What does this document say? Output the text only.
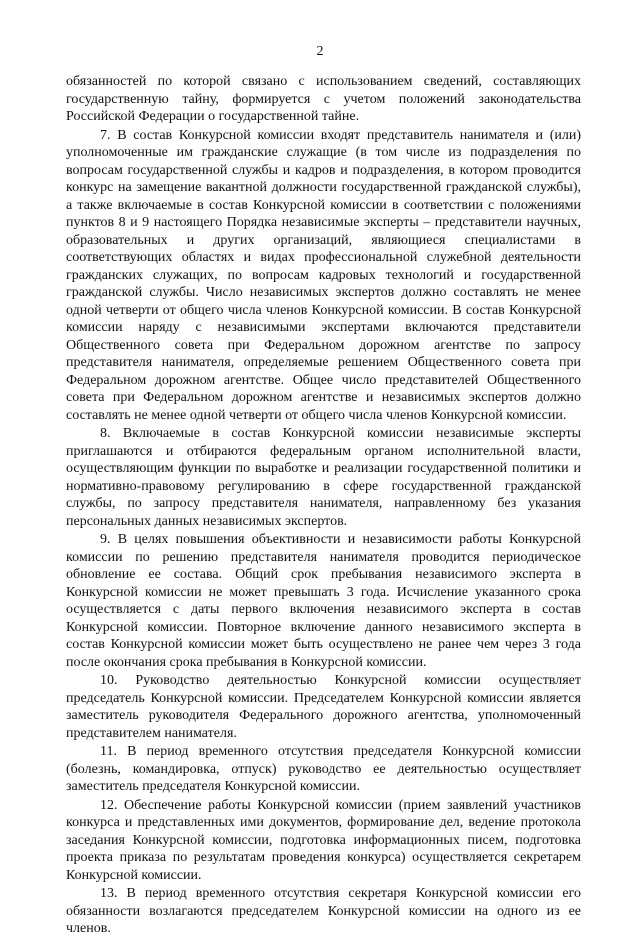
2

обязанностей по которой связано с использованием сведений, составляющих государственную тайну, формируется с учетом положений законодательства Российской Федерации о государственной тайне.

7. В состав Конкурсной комиссии входят представитель нанимателя и (или) уполномоченные им гражданские служащие (в том числе из подразделения по вопросам государственной службы и кадров и подразделения, в котором проводится конкурс на замещение вакантной должности государственной гражданской службы), а также включаемые в состав Конкурсной комиссии в соответствии с положениями пунктов 8 и 9 настоящего Порядка независимые эксперты – представители научных, образовательных и других организаций, являющиеся специалистами в соответствующих областях и видах профессиональной служебной деятельности гражданских служащих, по вопросам кадровых технологий и государственной гражданской службы. Число независимых экспертов должно составлять не менее одной четверти от общего числа членов Конкурсной комиссии. В состав Конкурсной комиссии наряду с независимыми экспертами включаются представители Общественного совета при Федеральном дорожном агентстве по запросу представителя нанимателя, определяемые решением Общественного совета при Федеральном дорожном агентстве. Общее число представителей Общественного совета при Федеральном дорожном агентстве и независимых экспертов должно составлять не менее одной четверти от общего числа членов Конкурсной комиссии.

8. Включаемые в состав Конкурсной комиссии независимые эксперты приглашаются и отбираются федеральным органом исполнительной власти, осуществляющим функции по выработке и реализации государственной политики и нормативно-правовому регулированию в сфере государственной гражданской службы, по запросу представителя нанимателя, направленному без указания персональных данных независимых экспертов.

9. В целях повышения объективности и независимости работы Конкурсной комиссии по решению представителя нанимателя проводится периодическое обновление ее состава. Общий срок пребывания независимого эксперта в Конкурсной комиссии не может превышать 3 года. Исчисление указанного срока осуществляется с даты первого включения независимого эксперта в состав Конкурсной комиссии. Повторное включение данного независимого эксперта в состав Конкурсной комиссии может быть осуществлено не ранее чем через 3 года после окончания срока пребывания в Конкурсной комиссии.

10. Руководство деятельностью Конкурсной комиссии осуществляет председатель Конкурсной комиссии. Председателем Конкурсной комиссии является заместитель руководителя Федерального дорожного агентства, уполномоченный представителем нанимателя.

11. В период временного отсутствия председателя Конкурсной комиссии (болезнь, командировка, отпуск) руководство ее деятельностью осуществляет заместитель председателя Конкурсной комиссии.

12. Обеспечение работы Конкурсной комиссии (прием заявлений участников конкурса и представленных ими документов, формирование дел, ведение протокола заседания Конкурсной комиссии, подготовка информационных писем, подготовка проекта приказа по результатам проведения конкурса) осуществляется секретарем Конкурсной комиссии.

13. В период временного отсутствия секретаря Конкурсной комиссии его обязанности возлагаются председателем Конкурсной комиссии на одного из ее членов.
